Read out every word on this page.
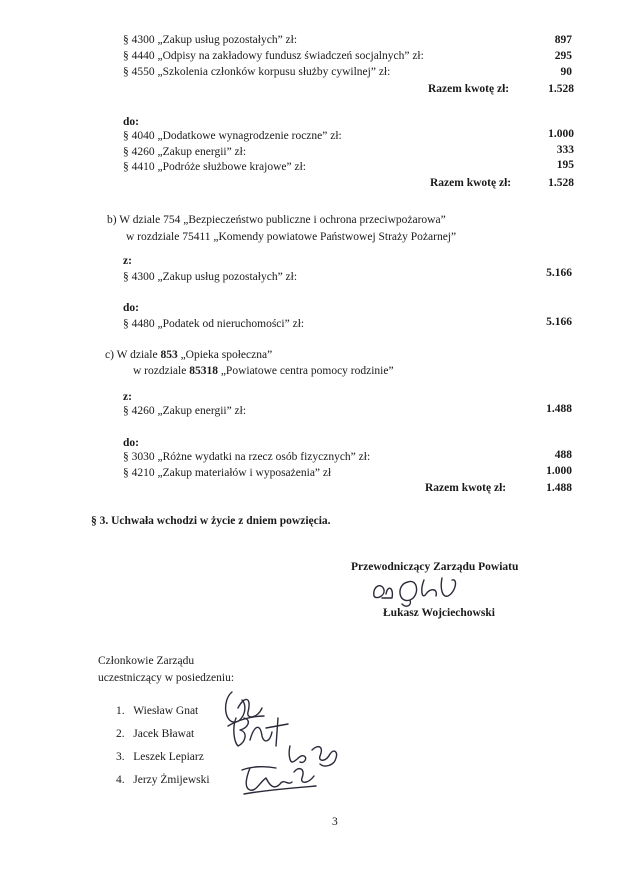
§ 4300 „Zakup usług pozostałych” zł:	897
§ 4440 „Odpisy na zakładowy fundusz świadczeń socjalnych” zł:	295
§ 4550 „Szkolenia członków korpusu służby cywilnej” zł:	90
Razem kwotę zł:	1.528
do:
§ 4040 „Dodatkowe wynagrodzenie roczne” zł:	1.000
§ 4260 „Zakup energii” zł:	333
§ 4410 „Podróże służbowe krajowe” zł:	195
Razem kwotę zł:	1.528
b) W dziale 754 „Bezpieczeństwo publiczne i ochrona przeciwpożarowa”
w rozdziale 75411 „Komendy powiatowe Państwowej Straży Pożarnej”
z:
§ 4300 „Zakup usług pozostałych” zł:	5.166
do:
§ 4480 „Podatek od nieruchomości” zł:	5.166
c) W dziale 853 „Opieka społeczna”
w rozdziale 85318 „Powiatowe centra pomocy rodzinie”
z:
§ 4260 „Zakup energii” zł:	1.488
do:
§ 3030 „Różne wydatki na rzecz osób fizycznych” zł:	488
§ 4210 „Zakup materiałów i wyposażenia” zł	1.000
Razem kwotę zł:	1.488
§ 3. Uchwała wchodzi w życie z dniem powzięcia.
Przewodniczący Zarządu Powiatu
Łukasz Wojciechowski
Członkowie Zarządu
uczestniczący w posiedzeniu:
1. Wiesław Gnat
2. Jacek Bławat
3. Leszek Lepiarz
4. Jerzy Żmijewski
3
